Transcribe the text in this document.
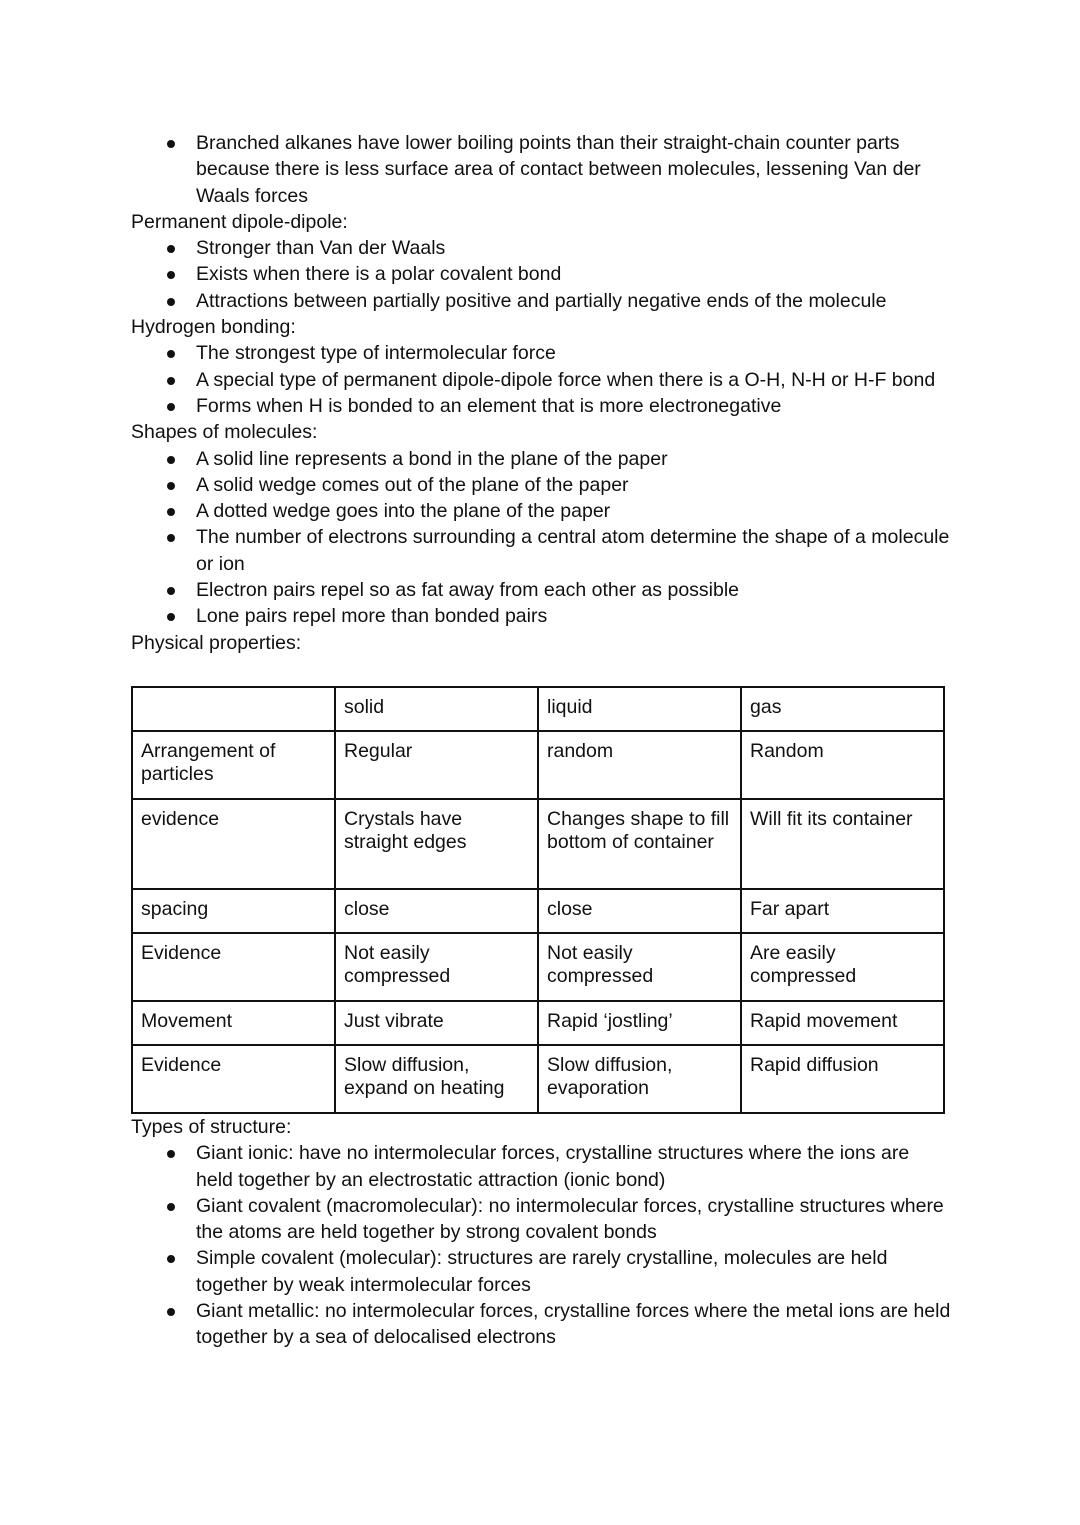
Branched alkanes have lower boiling points than their straight-chain counter parts because there is less surface area of contact between molecules, lessening Van der Waals forces

Permanent dipole-dipole:

Stronger than Van der Waals
Exists when there is a polar covalent bond
Attractions between partially positive and partially negative ends of the molecule

Hydrogen bonding:

The strongest type of intermolecular force
A special type of permanent dipole-dipole force when there is a O-H, N-H or H-F bond
Forms when H is bonded to an element that is more electronegative

Shapes of molecules:

A solid line represents a bond in the plane of the paper
A solid wedge comes out of the plane of the paper
A dotted wedge goes into the plane of the paper
The number of electrons surrounding a central atom determine the shape of a molecule or ion
Electron pairs repel so as fat away from each other as possible
Lone pairs repel more than bonded pairs

Physical properties:

	solid	liquid	gas
Arrangement of particles	Regular	random	Random
evidence	Crystals have straight edges	Changes shape to fill bottom of container	Will fit its container
spacing	close	close	Far apart
Evidence	Not easily compressed	Not easily compressed	Are easily compressed
Movement	Just vibrate	Rapid ‘jostling’	Rapid movement
Evidence	Slow diffusion, expand on heating	Slow diffusion, evaporation	Rapid diffusion

Types of structure:

Giant ionic: have no intermolecular forces, crystalline structures where the ions are held together by an electrostatic attraction (ionic bond)
Giant covalent (macromolecular): no intermolecular forces, crystalline structures where the atoms are held together by strong covalent bonds
Simple covalent (molecular): structures are rarely crystalline, molecules are held together by weak intermolecular forces
Giant metallic: no intermolecular forces, crystalline forces where the metal ions are held together by a sea of delocalised electrons
